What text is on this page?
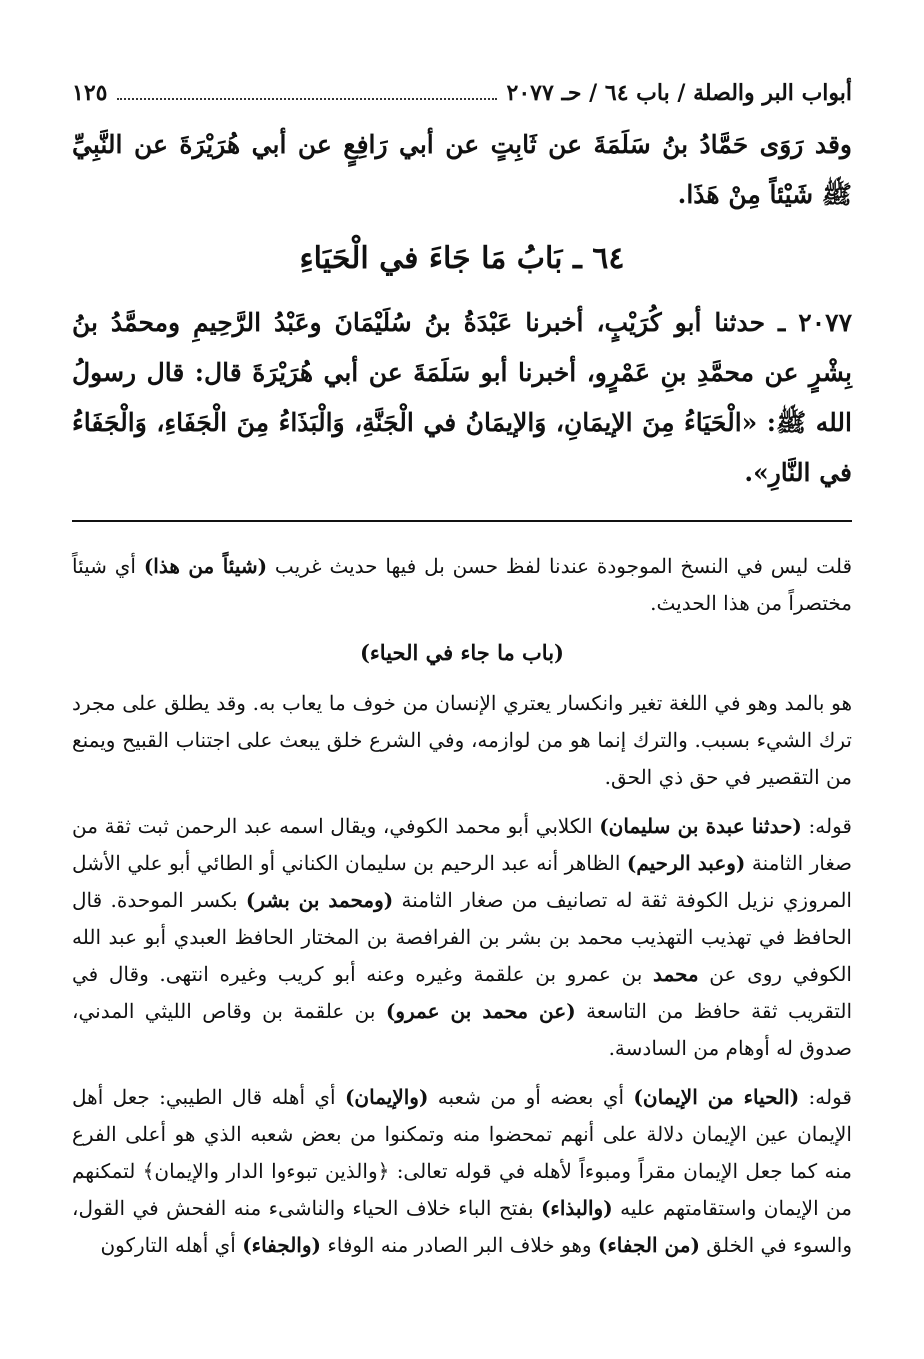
أبواب البر والصلة / باب ٦٤ / حـ ٢٠٧٧
١٢٥
وقد رَوَى حَمَّادُ بنُ سَلَمَةَ عن ثَابِتٍ عن أبي رَافِعٍ عن أبي هُرَيْرَةَ عن النَّبِيِّ ﷺ شَيْئاً مِنْ هَذَا.
٦٤ ـ بَابُ مَا جَاءَ في الْحَيَاءِ
٢٠٧٧ ـ حدثنا أبو كُرَيْبٍ، أخبرنا عَبْدَةُ بنُ سُلَيْمَانَ وعَبْدُ الرَّحِيمِ ومحمَّدُ بنُ بِشْرٍ عن محمَّدِ بنِ عَمْرٍو، أخبرنا أبو سَلَمَةَ عن أبي هُرَيْرَةَ قال: قال رسولُ الله ﷺ: «الْحَيَاءُ مِنَ الإيمَانِ، وَالإيمَانُ في الْجَنَّةِ، وَالْبَذَاءُ مِنَ الْجَفَاءِ، وَالْجَفَاءُ في النَّارِ».

قلت ليس في النسخ الموجودة عندنا لفظ حسن بل فيها حديث غريب (شيئاً من هذا) أي شيئاً مختصراً من هذا الحديث.

(باب ما جاء في الحياء)

هو بالمد وهو في اللغة تغير وانكسار يعتري الإنسان من خوف ما يعاب به. وقد يطلق على مجرد ترك الشيء بسبب. والترك إنما هو من لوازمه، وفي الشرع خلق يبعث على اجتناب القبيح ويمنع من التقصير في حق ذي الحق.

قوله: (حدثنا عبدة بن سليمان) الكلابي أبو محمد الكوفي، ويقال اسمه عبد الرحمن ثبت ثقة من صغار الثامنة (وعبد الرحيم) الظاهر أنه عبد الرحيم بن سليمان الكناني أو الطائي أبو علي الأشل المروزي نزيل الكوفة ثقة له تصانيف من صغار الثامنة (ومحمد بن بشر) بكسر الموحدة. قال الحافظ في تهذيب التهذيب محمد بن بشر بن الفرافصة بن المختار الحافظ العبدي أبو عبد الله الكوفي روى عن محمد بن عمرو بن علقمة وغيره وعنه أبو كريب وغيره انتهى. وقال في التقريب ثقة حافظ من التاسعة (عن محمد بن عمرو) بن علقمة بن وقاص الليثي المدني، صدوق له أوهام من السادسة.

قوله: (الحياء من الإيمان) أي بعضه أو من شعبه (والإيمان) أي أهله قال الطيبي: جعل أهل الإيمان عين الإيمان دلالة على أنهم تمحضوا منه وتمكنوا من بعض شعبه الذي هو أعلى الفرع منه كما جعل الإيمان مقراً ومبوءاً لأهله في قوله تعالى: ﴿والذين تبوءوا الدار والإيمان﴾ لتمكنهم من الإيمان واستقامتهم عليه (والبذاء) بفتح الباء خلاف الحياء والناشىء منه الفحش في القول، والسوء في الخلق (من الجفاء) وهو خلاف البر الصادر منه الوفاء (والجفاء) أي أهله التاركون
